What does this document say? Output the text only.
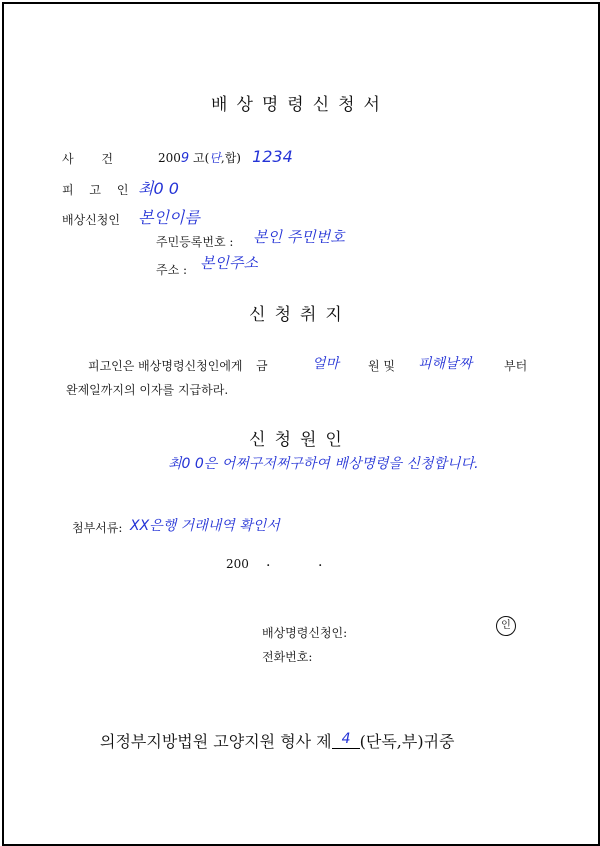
배상명령신청서
사 건	2009 고(단,합) 1234
피 고 인 최0 0
배상신청인 본인이름
주민등록번호 : 본인 주민번호
주소 : 본인주소
신청취지
피고인은 배상명령신청인에게 금	얼마 원 및 피해날짜	부터
완제일까지의 이자를 지급하라.
신청원인
최0 0은 어쩌구저쩌구하여 배상명령을 신청합니다.
첨부서류: XX은행 거래내역 확인서
200 .	.
배상명령신청인:
인
전화번호:
의정부지방법원 고양지원 형사 제 4 (단독,부)귀중
